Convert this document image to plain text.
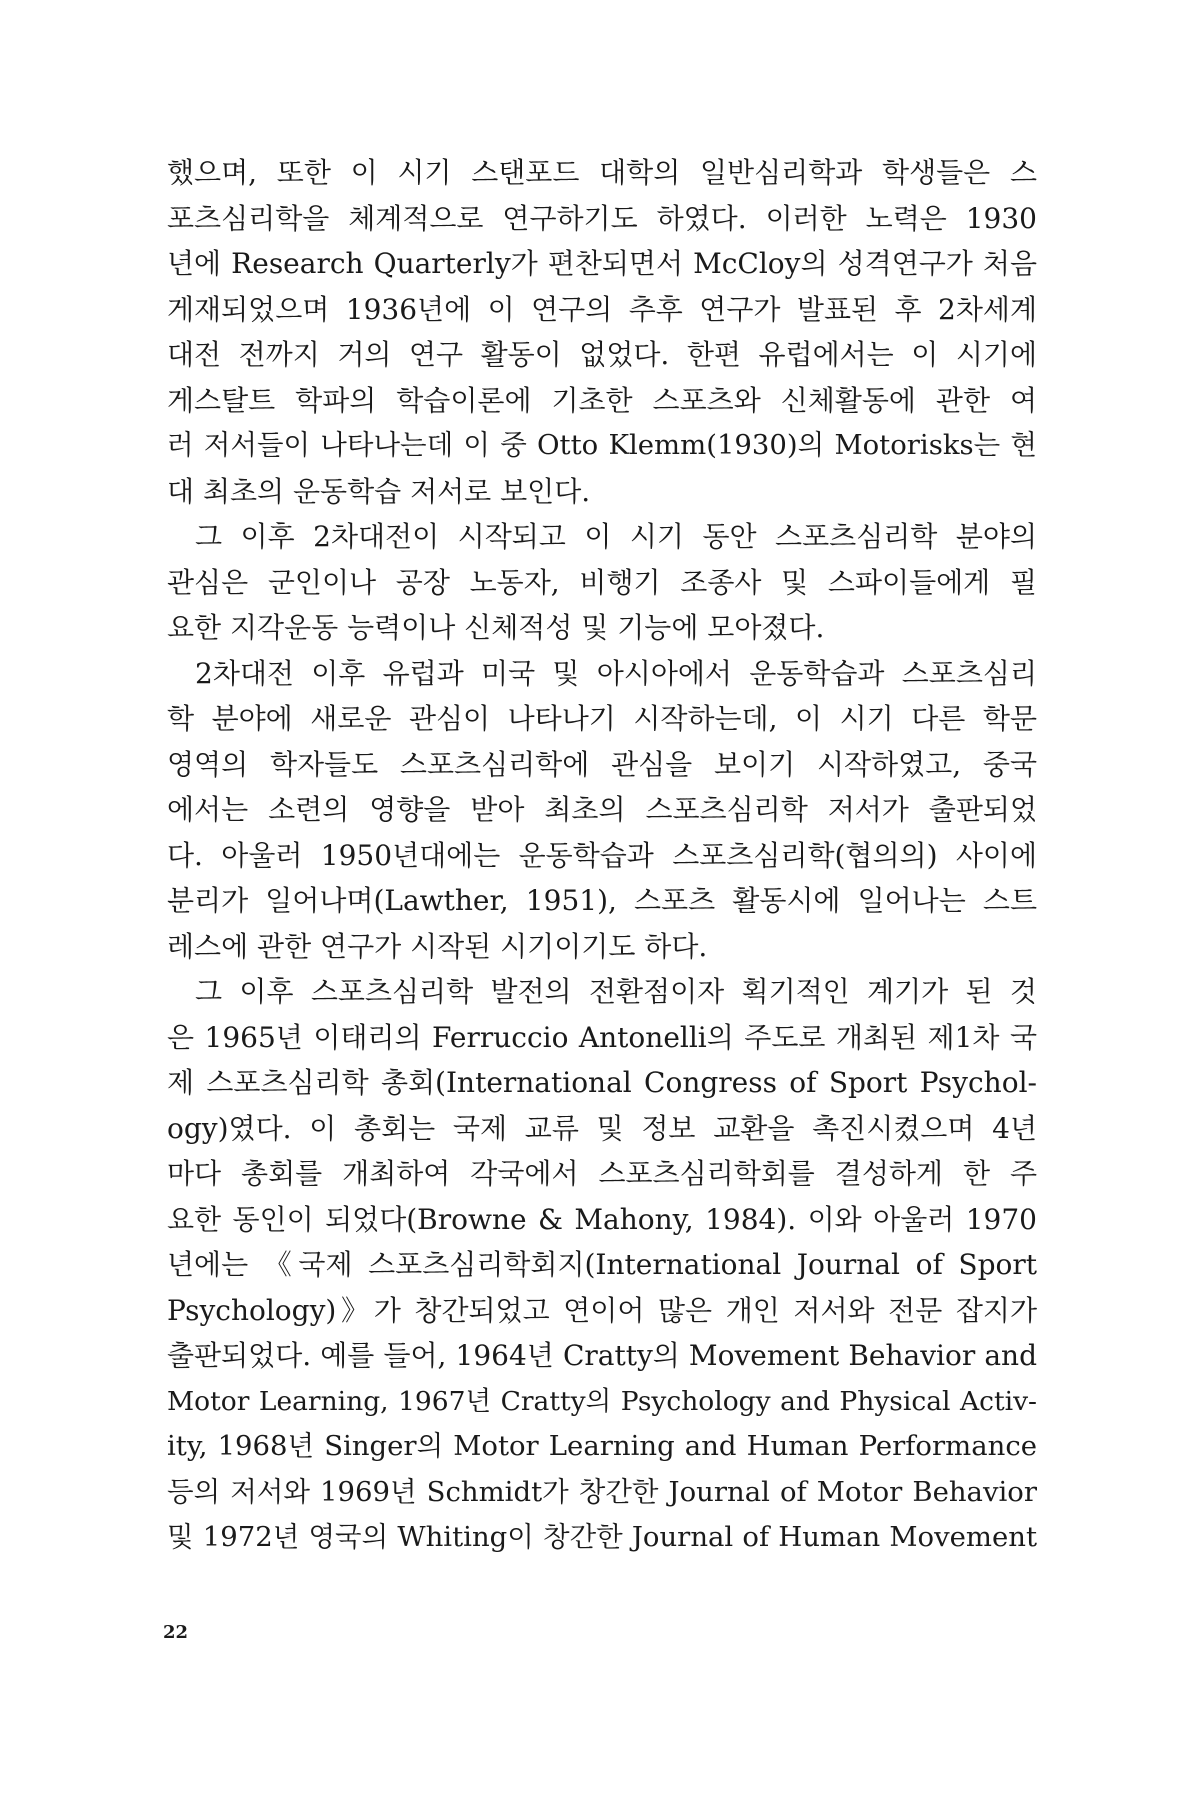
했으며, 또한 이 시기 스탠포드 대학의 일반심리학과 학생들은 스
포츠심리학을 체계적으로 연구하기도 하였다. 이러한 노력은 1930
년에 Research Quarterly가 편찬되면서 McCloy의 성격연구가 처음
게재되었으며 1936년에 이 연구의 추후 연구가 발표된 후 2차세계
대전 전까지 거의 연구 활동이 없었다. 한편 유럽에서는 이 시기에
게스탈트 학파의 학습이론에 기초한 스포츠와 신체활동에 관한 여
러 저서들이 나타나는데 이 중 Otto Klemm(1930)의 Motorisks는 현
대 최초의 운동학습 저서로 보인다.
그 이후 2차대전이 시작되고 이 시기 동안 스포츠심리학 분야의
관심은 군인이나 공장 노동자, 비행기 조종사 및 스파이들에게 필
요한 지각운동 능력이나 신체적성 및 기능에 모아졌다.
2차대전 이후 유럽과 미국 및 아시아에서 운동학습과 스포츠심리
학 분야에 새로운 관심이 나타나기 시작하는데, 이 시기 다른 학문
영역의 학자들도 스포츠심리학에 관심을 보이기 시작하였고, 중국
에서는 소련의 영향을 받아 최초의 스포츠심리학 저서가 출판되었
다. 아울러 1950년대에는 운동학습과 스포츠심리학(협의의) 사이에
분리가 일어나며(Lawther, 1951), 스포츠 활동시에 일어나는 스트
레스에 관한 연구가 시작된 시기이기도 하다.
그 이후 스포츠심리학 발전의 전환점이자 획기적인 계기가 된 것
은 1965년 이태리의 Ferruccio Antonelli의 주도로 개최된 제1차 국
제 스포츠심리학 총회(International Congress of Sport Psychol-
ogy)였다. 이 총회는 국제 교류 및 정보 교환을 촉진시켰으며 4년
마다 총회를 개최하여 각국에서 스포츠심리학회를 결성하게 한 주
요한 동인이 되었다(Browne & Mahony, 1984). 이와 아울러 1970
년에는 《국제 스포츠심리학회지(International Journal of Sport
Psychology)》가 창간되었고 연이어 많은 개인 저서와 전문 잡지가
출판되었다. 예를 들어, 1964년 Cratty의 Movement Behavior and
Motor Learning, 1967년 Cratty의 Psychology and Physical Activ-
ity, 1968년 Singer의 Motor Learning and Human Performance
등의 저서와 1969년 Schmidt가 창간한 Journal of Motor Behavior
및 1972년 영국의 Whiting이 창간한 Journal of Human Movement
22
